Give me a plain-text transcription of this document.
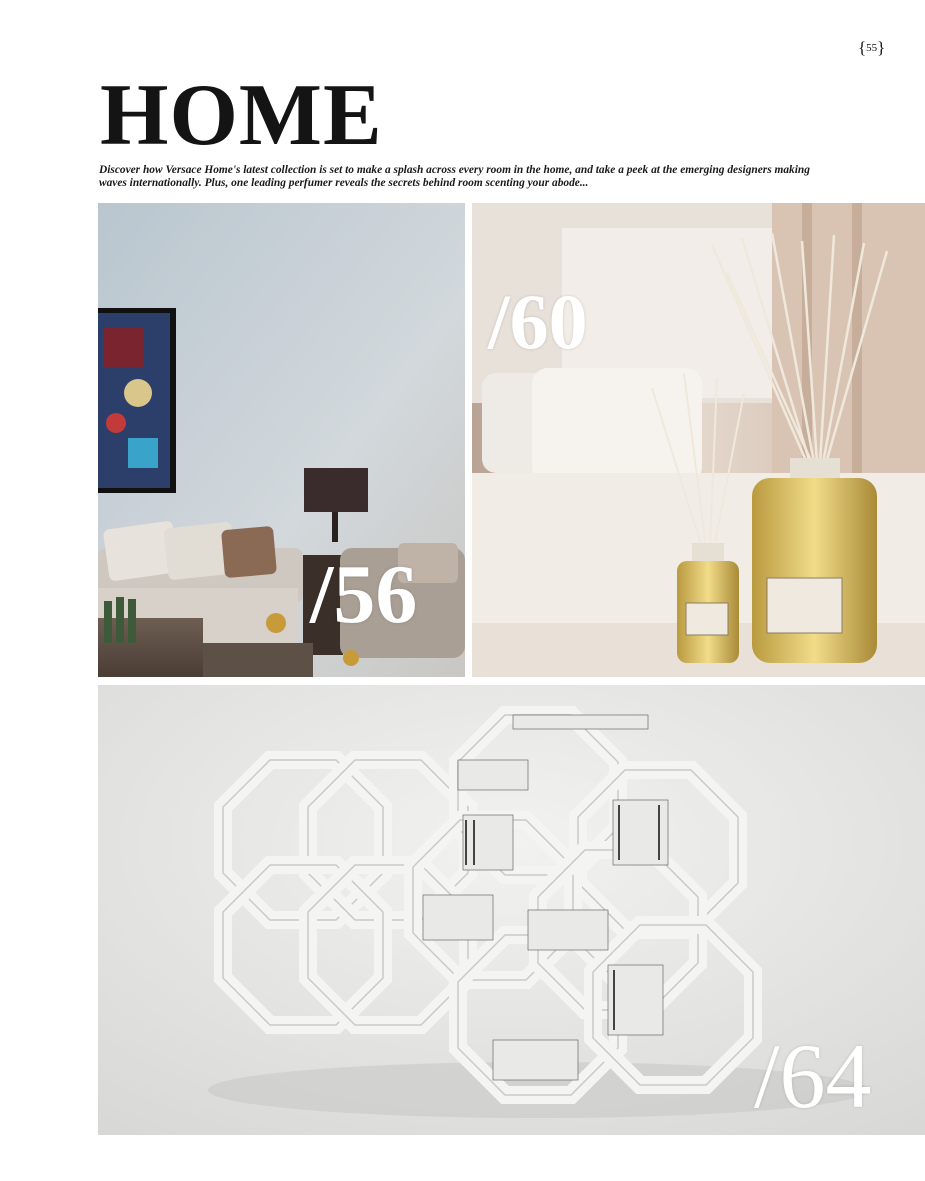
{55}
HOME

Discover how Versace Home's latest collection is set to make a splash across every room in the home, and take a peek at the emerging designers making waves internationally. Plus, one leading perfumer reveals the secrets behind room scenting your abode...

/56
/60
/64
